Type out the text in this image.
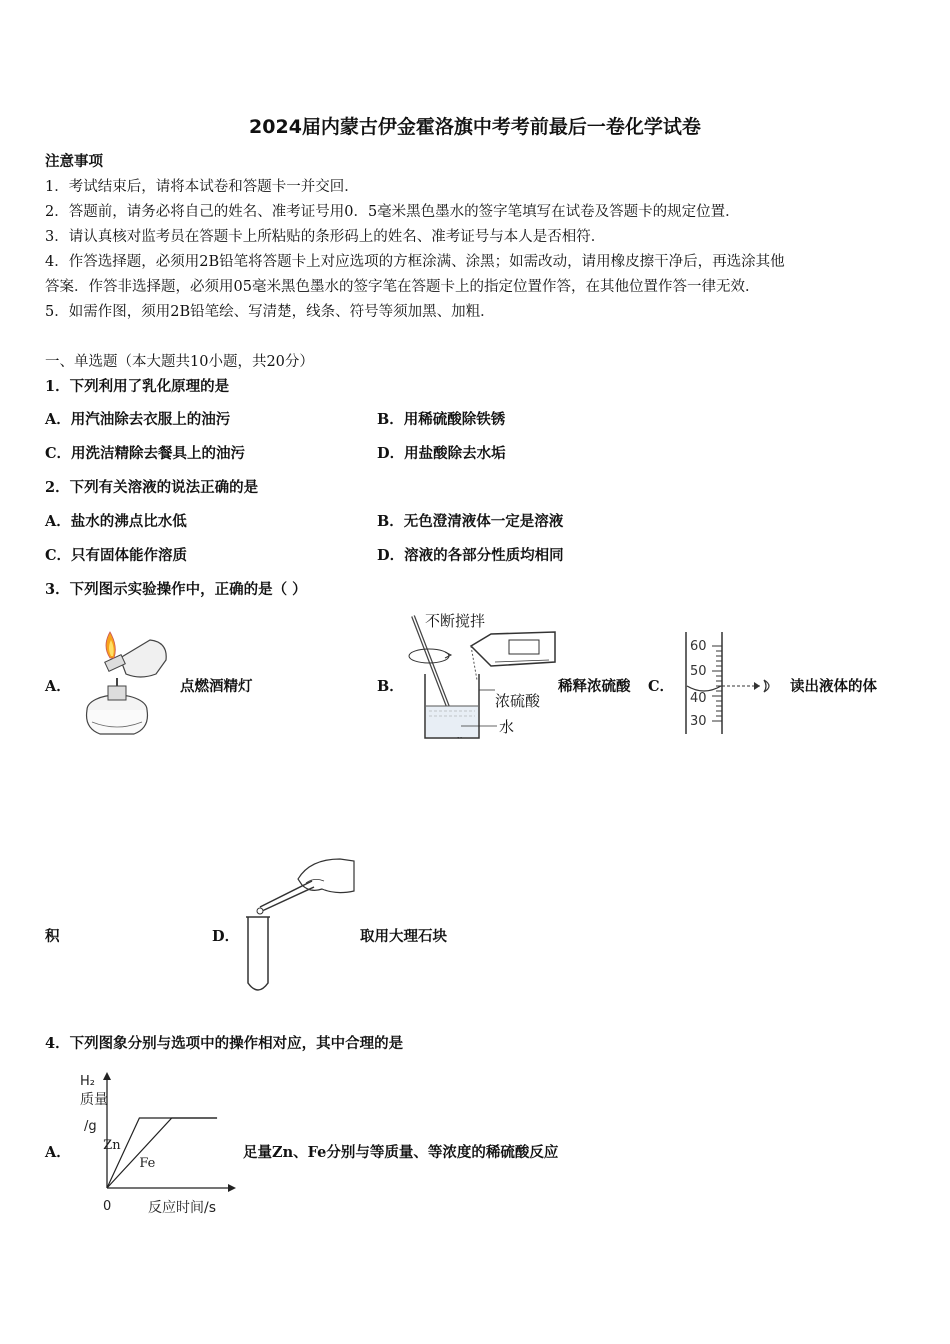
2024届内蒙古伊金霍洛旗中考考前最后一卷化学试卷
注意事项
1．考试结束后，请将本试卷和答题卡一并交回．
2．答题前，请务必将自己的姓名、准考证号用0．5毫米黑色墨水的签字笔填写在试卷及答题卡的规定位置．
3．请认真核对监考员在答题卡上所粘贴的条形码上的姓名、准考证号与本人是否相符．
4．作答选择题，必须用2B铅笔将答题卡上对应选项的方框涂满、涂黑；如需改动，请用橡皮擦干净后，再选涂其他
答案．作答非选择题，必须用05毫米黑色墨水的签字笔在答题卡上的指定位置作答，在其他位置作答一律无效．
5．如需作图，须用2B铅笔绘、写清楚，线条、符号等须加黑、加粗．
一、单选题（本大题共10小题，共20分）
1．下列利用了乳化原理的是
A．用汽油除去衣服上的油污	B．用稀硫酸除铁锈
C．用洗洁精除去餐具上的油污	D．用盐酸除去水垢
2．下列有关溶液的说法正确的是
A．盐水的沸点比水低	B．无色澄清液体一定是溶液
C．只有固体能作溶质	D．溶液的各部分性质均相同
3．下列图示实验操作中，正确的是（ ）
A．	点燃酒精灯	B．
不断搅拌
浓硫酸
水
稀释浓硫酸 C．
60
50
40
30
读出液体的体
积	D．	取用大理石块
4．下列图象分别与选项中的操作相对应，其中合理的是
A．
H₂
质量
/g
0	反应时间/s
Zn
Fe
足量Zn、Fe分别与等质量、等浓度的稀硫酸反应
